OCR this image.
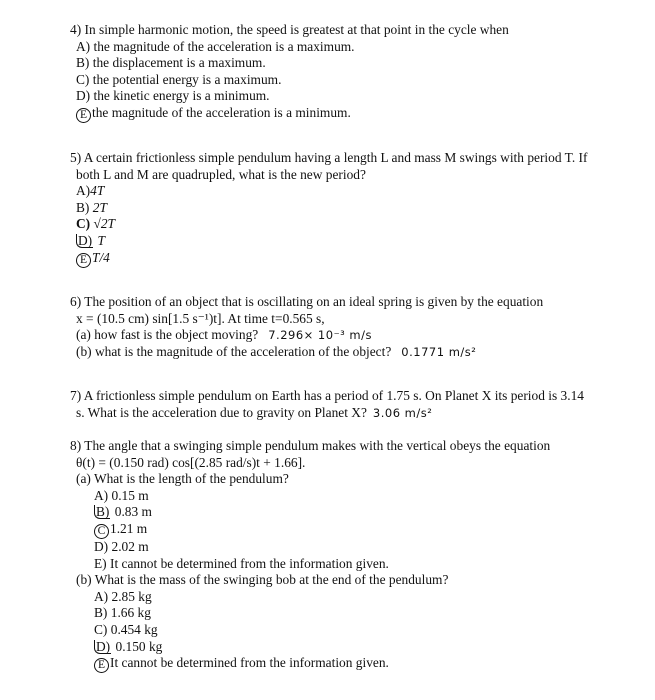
4) In simple harmonic motion, the speed is greatest at that point in the cycle when
A) the magnitude of the acceleration is a maximum.
B) the displacement is a maximum.
C) the potential energy is a maximum.
D) the kinetic energy is a minimum.
E the magnitude of the acceleration is a minimum.
5) A certain frictionless simple pendulum having a length L and mass M swings with period T. If
both L and M are quadrupled, what is the new period?
A)4T
B) 2T
C) √2T
D) T
E T/4
6) The position of an object that is oscillating on an ideal spring is given by the equation
x = (10.5 cm) sin[1.5 s⁻¹)t]. At time t=0.565 s,
(a) how fast is the object moving? 7.296× 10⁻³ m/s
(b) what is the magnitude of the acceleration of the object? 0.1771 m/s²
7) A frictionless simple pendulum on Earth has a period of 1.75 s. On Planet X its period is 3.14
s. What is the acceleration due to gravity on Planet X? 3.06 m/s²
8) The angle that a swinging simple pendulum makes with the vertical obeys the equation
θ(t) = (0.150 rad) cos[(2.85 rad/s)t + 1.66].
(a) What is the length of the pendulum?
A) 0.15 m
B) 0.83 m
C 1.21 m
D) 2.02 m
E) It cannot be determined from the information given.
(b) What is the mass of the swinging bob at the end of the pendulum?
A) 2.85 kg
B) 1.66 kg
C) 0.454 kg
D) 0.150 kg
E It cannot be determined from the information given.
